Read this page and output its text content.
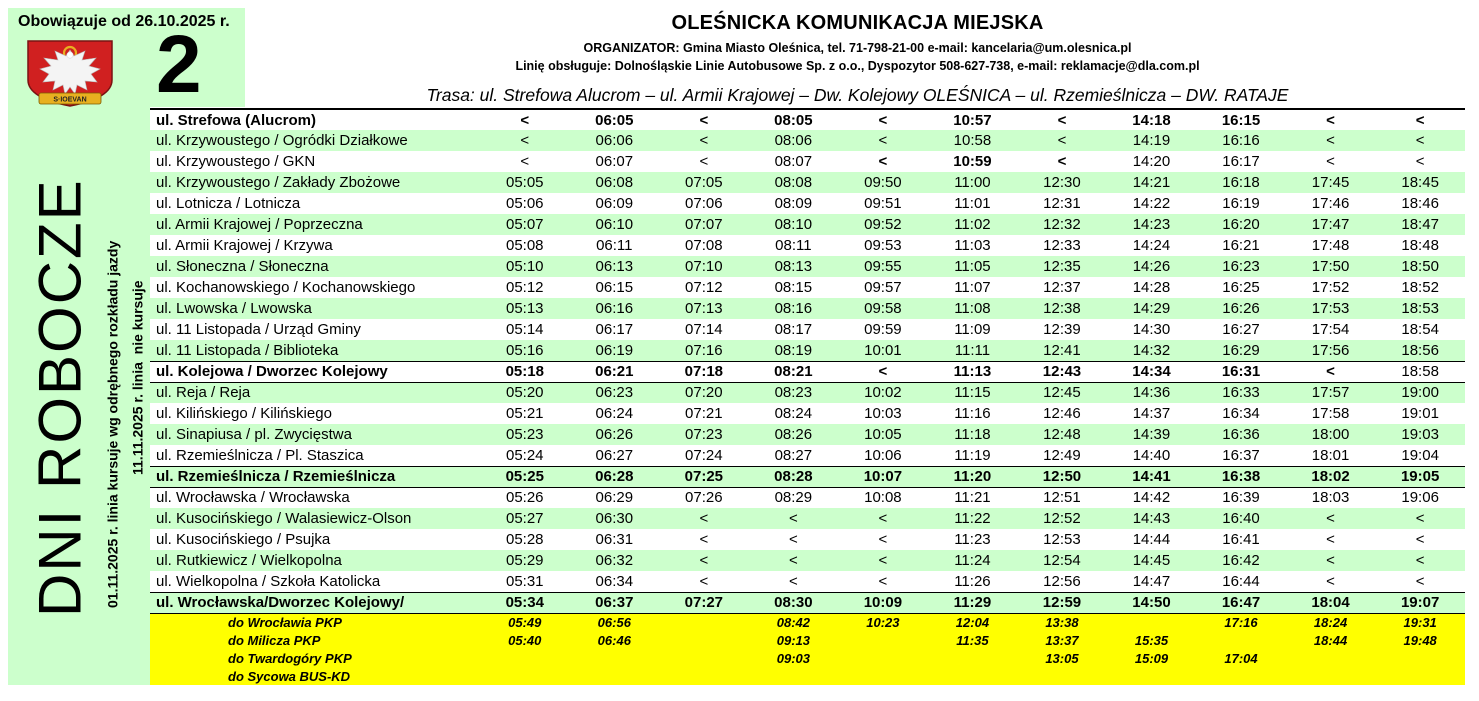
Obowiązuje od 26.10.2025 r.
S·IOEVAN 2
DNI ROBOCZE 01.11.2025 r. linia kursuje wg odrębnego rozkładu jazdy 11.11.2025 r. linia  nie kursuje
OLEŚNICKA KOMUNIKACJA MIEJSKA
ORGANIZATOR: Gmina Miasto Oleśnica, tel. 71-798-21-00 e-mail: kancelaria@um.olesnica.pl
Linię obsługuje: Dolnośląskie Linie Autobusowe Sp. z o.o., Dyspozytor 508-627-738, e-mail: reklamacje@dla.com.pl
Trasa: ul. Strefowa Alucrom – ul. Armii Krajowej – Dw. Kolejowy OLEŚNICA – ul. Rzemieślnicza – DW. RATAJE
ul. Strefowa (Alucrom)	<	06:05	<	08:05	<	10:57	<	14:18	16:15	<	<
ul. Krzywoustego / Ogródki Działkowe	<	06:06	<	08:06	<	10:58	<	14:19	16:16	<	<
ul. Krzywoustego / GKN	<	06:07	<	08:07	<	10:59	<	14:20	16:17	<	<
ul. Krzywoustego / Zakłady Zbożowe	05:05	06:08	07:05	08:08	09:50	11:00	12:30	14:21	16:18	17:45	18:45
ul. Lotnicza / Lotnicza	05:06	06:09	07:06	08:09	09:51	11:01	12:31	14:22	16:19	17:46	18:46
ul. Armii Krajowej / Poprzeczna	05:07	06:10	07:07	08:10	09:52	11:02	12:32	14:23	16:20	17:47	18:47
ul. Armii Krajowej / Krzywa	05:08	06:11	07:08	08:11	09:53	11:03	12:33	14:24	16:21	17:48	18:48
ul. Słoneczna / Słoneczna	05:10	06:13	07:10	08:13	09:55	11:05	12:35	14:26	16:23	17:50	18:50
ul. Kochanowskiego / Kochanowskiego	05:12	06:15	07:12	08:15	09:57	11:07	12:37	14:28	16:25	17:52	18:52
ul. Lwowska / Lwowska	05:13	06:16	07:13	08:16	09:58	11:08	12:38	14:29	16:26	17:53	18:53
ul. 11 Listopada / Urząd Gminy	05:14	06:17	07:14	08:17	09:59	11:09	12:39	14:30	16:27	17:54	18:54
ul. 11 Listopada / Biblioteka	05:16	06:19	07:16	08:19	10:01	11:11	12:41	14:32	16:29	17:56	18:56
ul. Kolejowa / Dworzec Kolejowy	05:18	06:21	07:18	08:21	<	11:13	12:43	14:34	16:31	<	18:58
ul. Reja / Reja	05:20	06:23	07:20	08:23	10:02	11:15	12:45	14:36	16:33	17:57	19:00
ul. Kilińskiego / Kilińskiego	05:21	06:24	07:21	08:24	10:03	11:16	12:46	14:37	16:34	17:58	19:01
ul. Sinapiusa / pl. Zwycięstwa	05:23	06:26	07:23	08:26	10:05	11:18	12:48	14:39	16:36	18:00	19:03
ul. Rzemieślnicza / Pl. Staszica	05:24	06:27	07:24	08:27	10:06	11:19	12:49	14:40	16:37	18:01	19:04
ul. Rzemieślnicza / Rzemieślnicza	05:25	06:28	07:25	08:28	10:07	11:20	12:50	14:41	16:38	18:02	19:05
ul. Wrocławska / Wrocławska	05:26	06:29	07:26	08:29	10:08	11:21	12:51	14:42	16:39	18:03	19:06
ul. Kusocińskiego / Walasiewicz-Olson	05:27	06:30	<	<	<	11:22	12:52	14:43	16:40	<	<
ul. Kusocińskiego / Psujka	05:28	06:31	<	<	<	11:23	12:53	14:44	16:41	<	<
ul. Rutkiewicz / Wielkopolna	05:29	06:32	<	<	<	11:24	12:54	14:45	16:42	<	<
ul. Wielkopolna / Szkoła Katolicka	05:31	06:34	<	<	<	11:26	12:56	14:47	16:44	<	<
ul. Wrocławska/Dworzec Kolejowy/	05:34	06:37	07:27	08:30	10:09	11:29	12:59	14:50	16:47	18:04	19:07
do Wrocławia PKP	05:49	06:56		08:42	10:23	12:04	13:38		17:16	18:24	19:31
do Milicza PKP	05:40	06:46		09:13		11:35	13:37	15:35		18:44	19:48
do Twardogóry PKP				09:03			13:05	15:09	17:04		
do Sycowa BUS-KD											
